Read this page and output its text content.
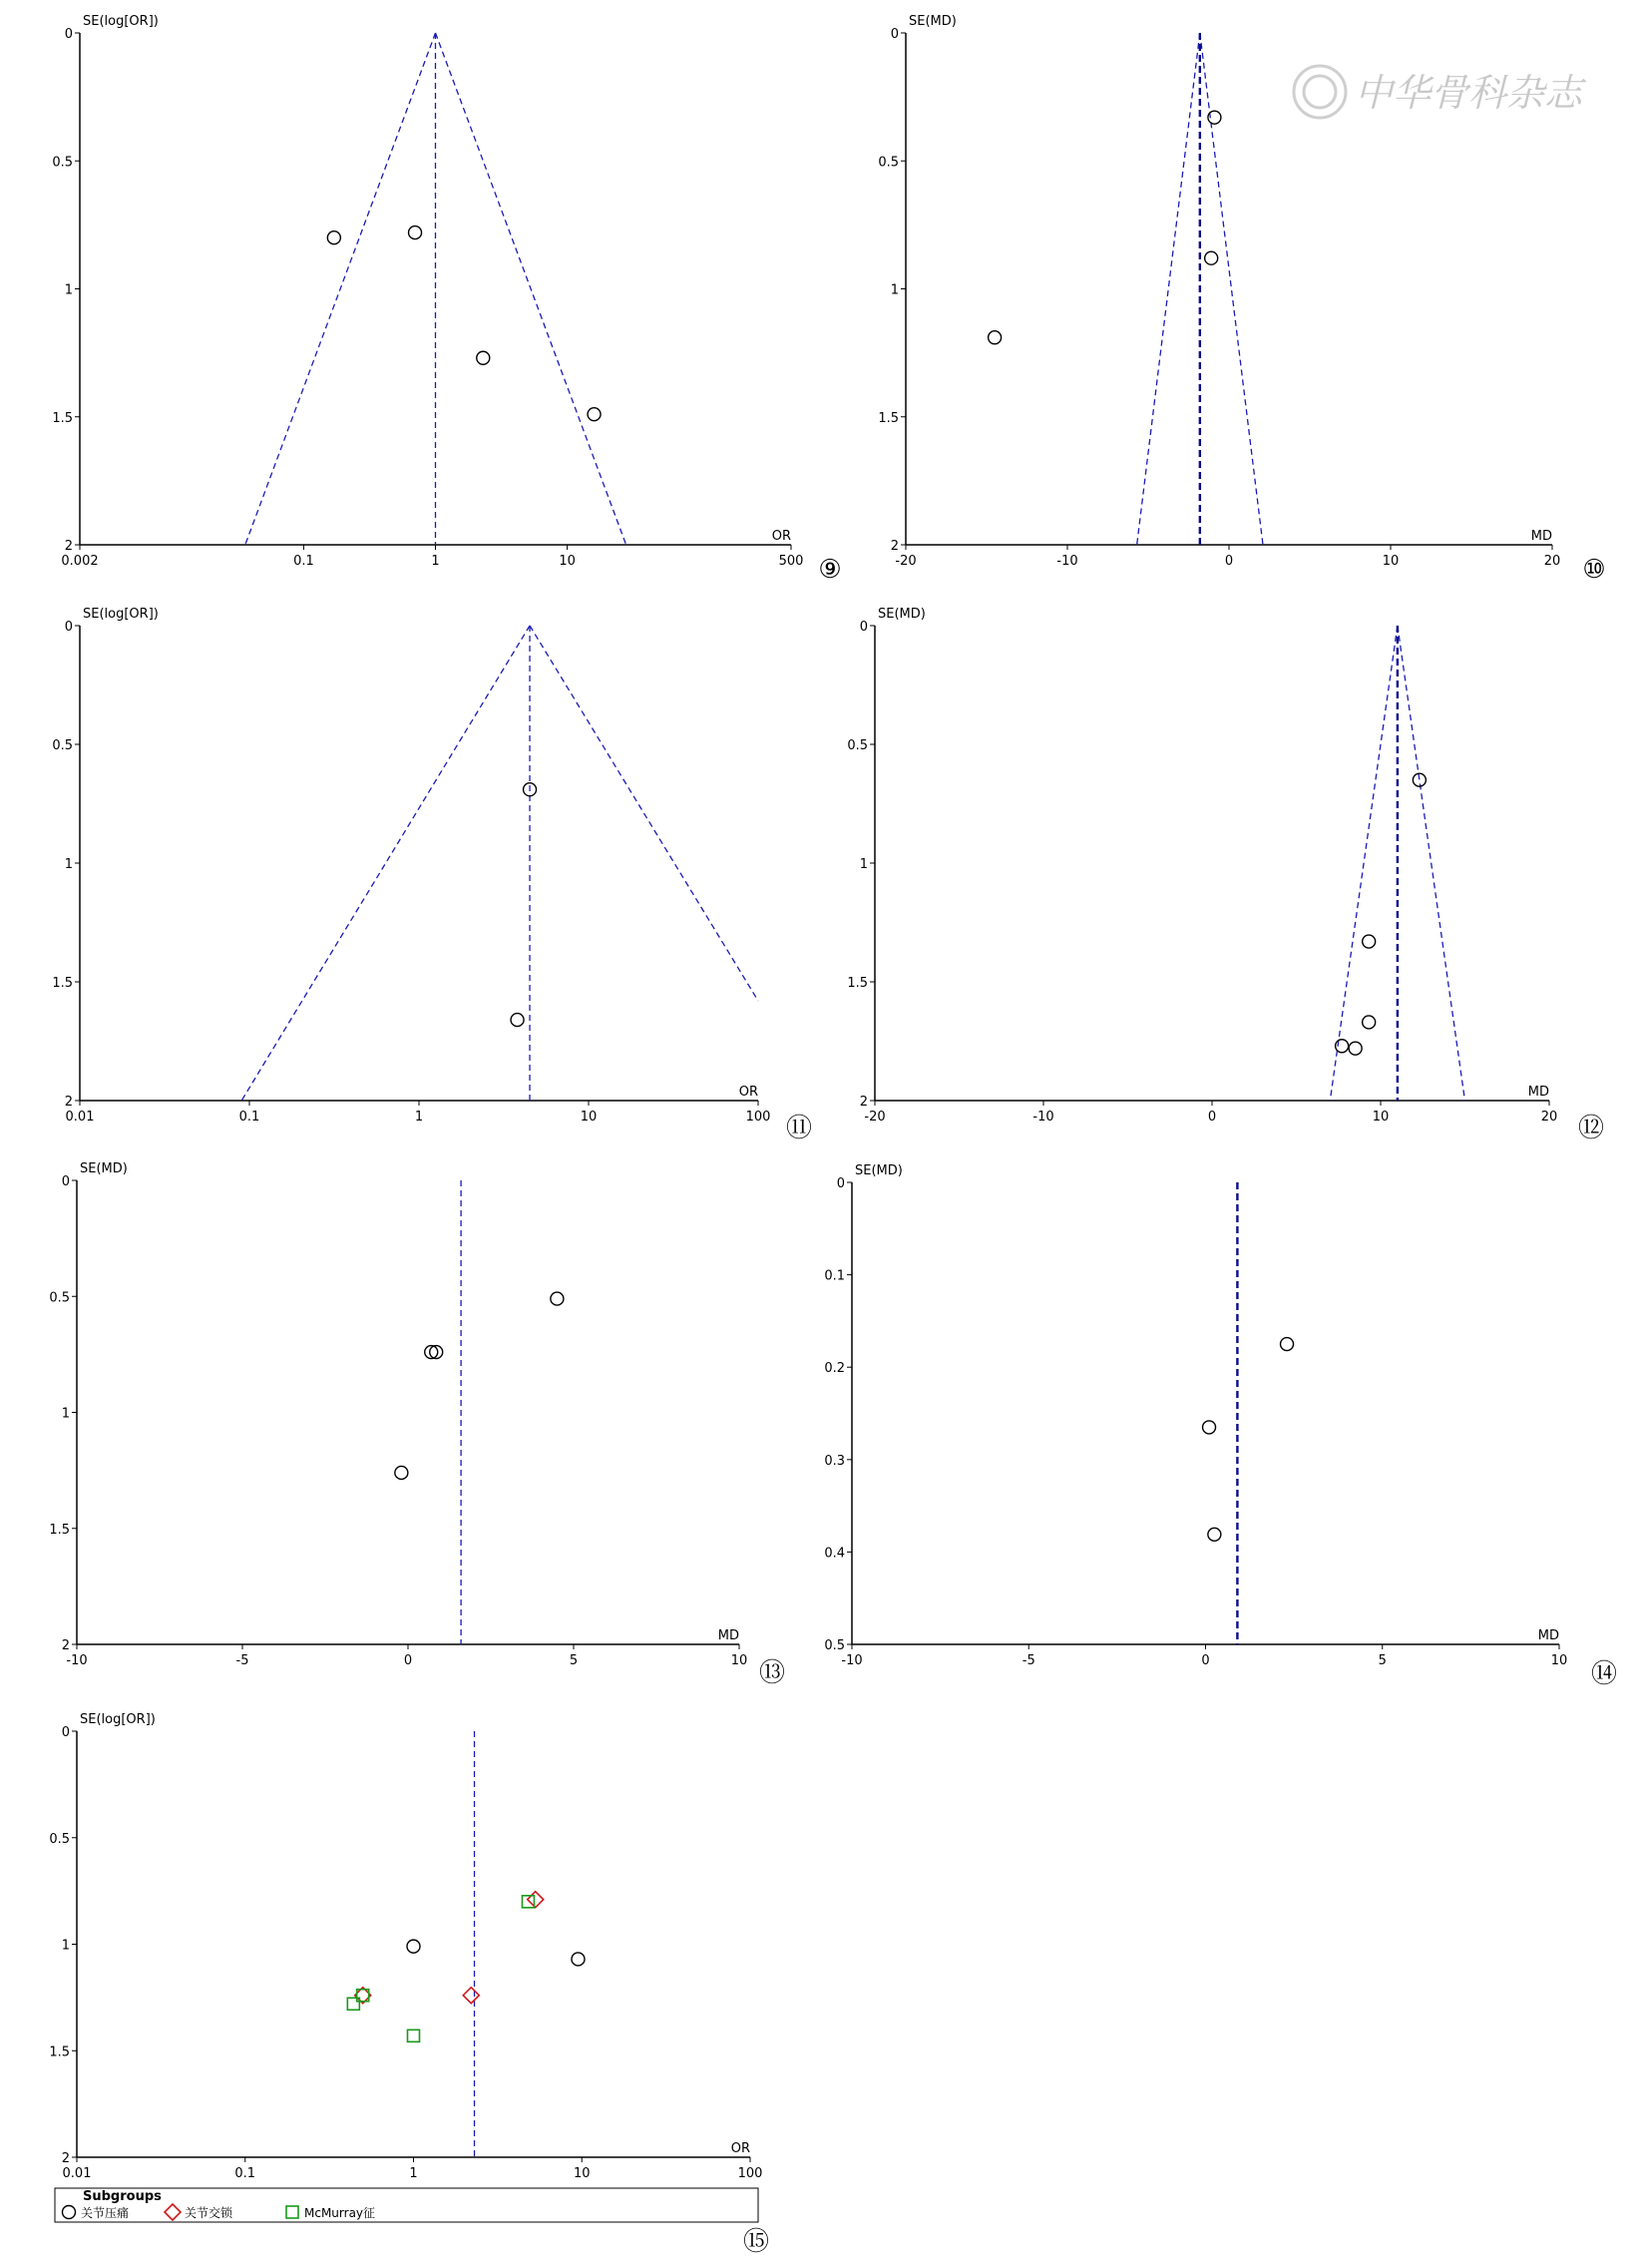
中华骨科杂志
0
0.5
1
1.5
2
0.002	0.1	1	10	500
SE(log[OR])
OR
⑨
0
0.5
1
1.5
2
-20	-10	0	10	20
SE(MD)
MD
⑩
0
0.5
1
1.5
2
0.01	0.1	1	10	100
SE(log[OR])
OR
⑪
0
0.5
1
1.5
2
-20	-10	0	10	20
SE(MD)
MD
⑫
0
0.5
1
1.5
2
-10	-5	0	5	10
SE(MD)
MD
⑬
0
0.1
0.2
0.3
0.4
0.5
-10	-5	0	5	10
SE(MD)
MD
⑭
0
0.5
1
1.5
2
0.01	0.1	1	10	100
SE(log[OR])
OR
Subgroups
关节压痛	关节交锁	McMurray征
⑮
